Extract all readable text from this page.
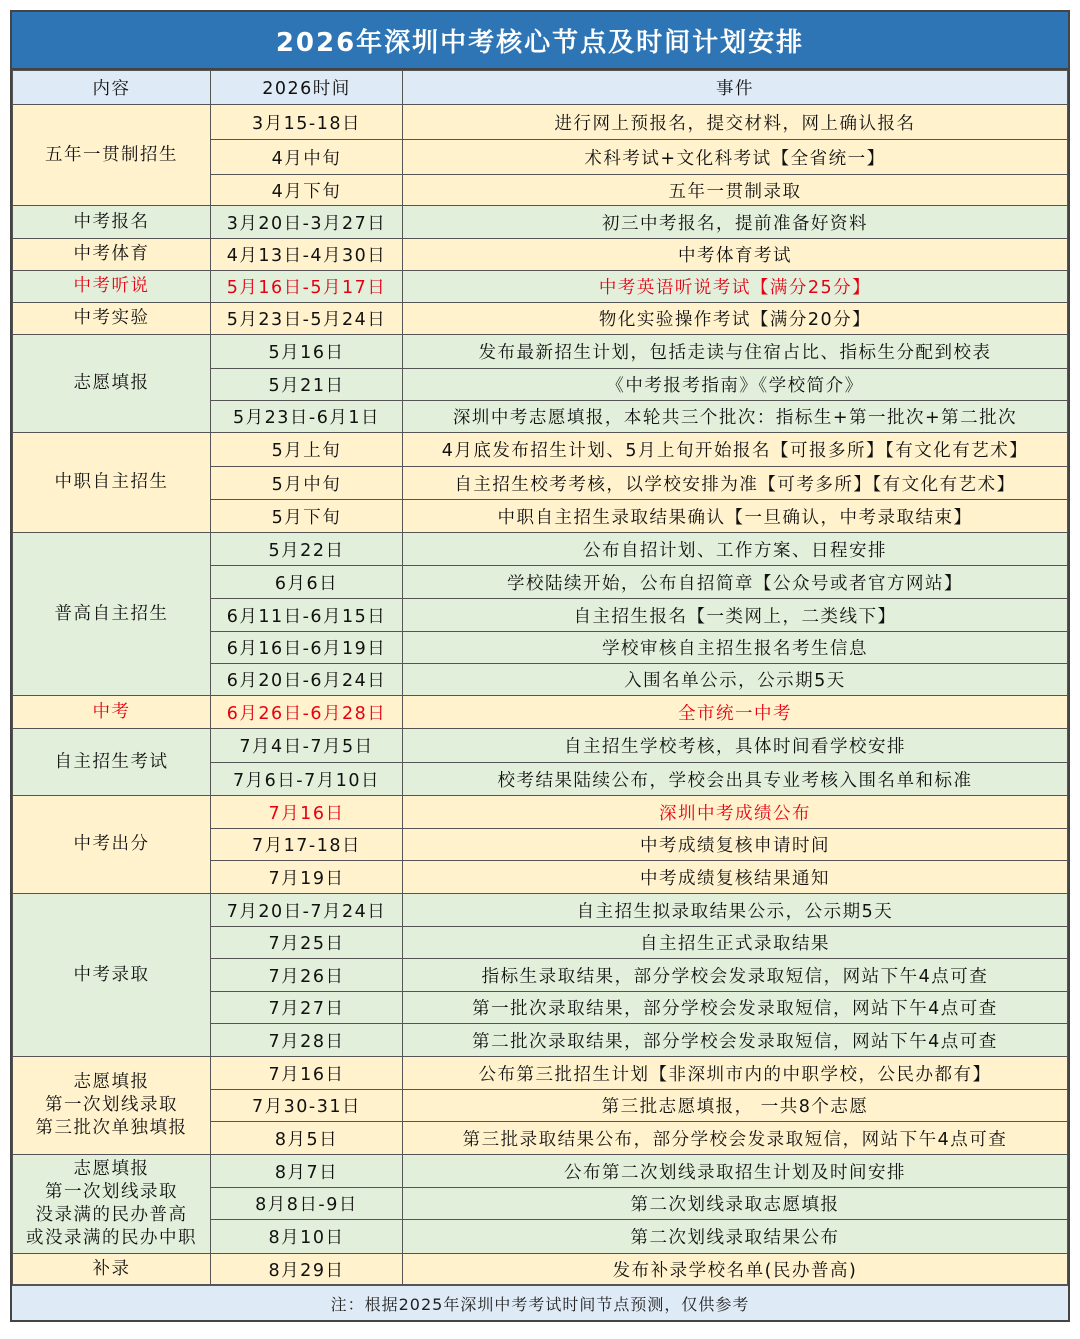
2026年深圳中考核心节点及时间计划安排
内容	2026时间	事件
五年一贯制招生	3月15-18日	进行网上预报名，提交材料，网上确认报名
	4月中旬	术科考试+文化科考试【全省统一】
	4月下旬	五年一贯制录取
中考报名	3月20日-3月27日	初三中考报名，提前准备好资料
中考体育	4月13日-4月30日	中考体育考试
中考听说	5月16日-5月17日	中考英语听说考试【满分25分】
中考实验	5月23日-5月24日	物化实验操作考试【满分20分】
志愿填报	5月16日	发布最新招生计划，包括走读与住宿占比、指标生分配到校表
	5月21日	《中考报考指南》《学校简介》
	5月23日-6月1日	深圳中考志愿填报，本轮共三个批次：指标生+第一批次+第二批次
中职自主招生	5月上旬	4月底发布招生计划、5月上旬开始报名【可报多所】【有文化有艺术】
	5月中旬	自主招生校考考核，以学校安排为准【可考多所】【有文化有艺术】
	5月下旬	中职自主招生录取结果确认【一旦确认，中考录取结束】
普高自主招生	5月22日	公布自招计划、工作方案、日程安排
	6月6日	学校陆续开始，公布自招简章【公众号或者官方网站】
	6月11日-6月15日	自主招生报名【一类网上，二类线下】
	6月16日-6月19日	学校审核自主招生报名考生信息
	6月20日-6月24日	入围名单公示，公示期5天
中考	6月26日-6月28日	全市统一中考
自主招生考试	7月4日-7月5日	自主招生学校考核，具体时间看学校安排
	7月6日-7月10日	校考结果陆续公布，学校会出具专业考核入围名单和标准
中考出分	7月16日	深圳中考成绩公布
	7月17-18日	中考成绩复核申请时间
	7月19日	中考成绩复核结果通知
中考录取	7月20日-7月24日	自主招生拟录取结果公示，公示期5天
	7月25日	自主招生正式录取结果
	7月26日	指标生录取结果，部分学校会发录取短信，网站下午4点可查
	7月27日	第一批次录取结果，部分学校会发录取短信，网站下午4点可查
	7月28日	第二批次录取结果，部分学校会发录取短信，网站下午4点可查
志愿填报
第一次划线录取
第三批次单独填报	7月16日	公布第三批招生计划【非深圳市内的中职学校，公民办都有】
	7月30-31日	第三批志愿填报， 一共8个志愿
	8月5日	第三批录取结果公布，部分学校会发录取短信，网站下午4点可查
志愿填报
第一次划线录取
没录满的民办普高
或没录满的民办中职	8月7日	公布第二次划线录取招生计划及时间安排
	8月8日-9日	第二次划线录取志愿填报
	8月10日	第二次划线录取结果公布
补录	8月29日	发布补录学校名单(民办普高)
注：根据2025年深圳中考考试时间节点预测，仅供参考
